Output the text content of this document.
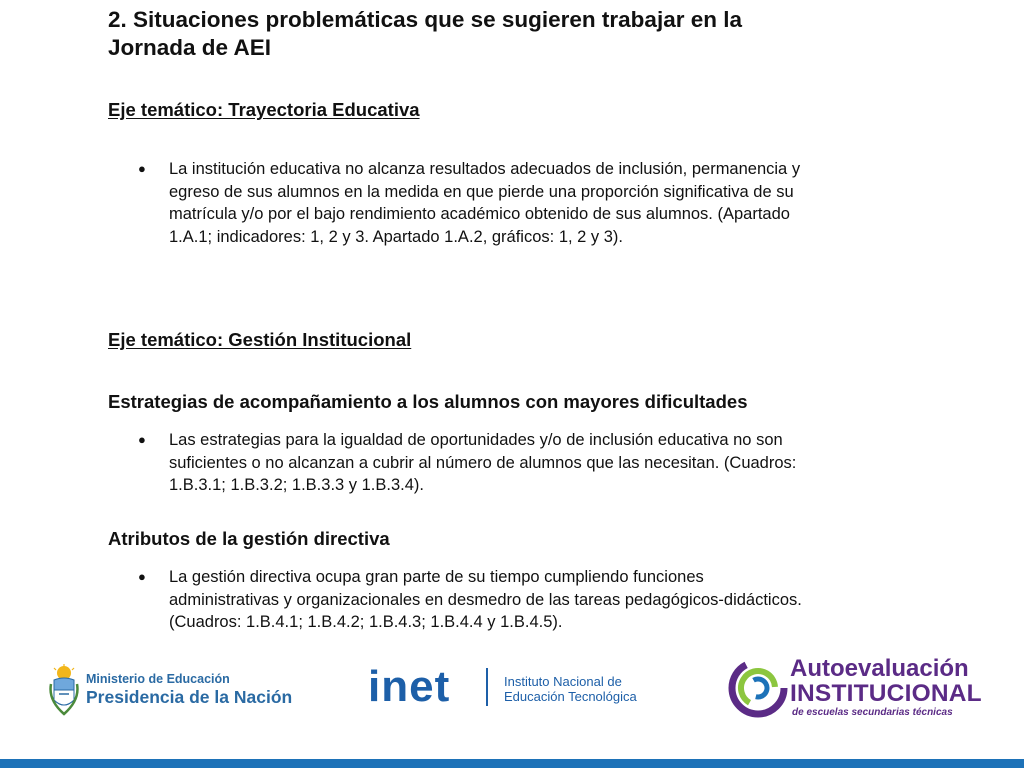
2. Situaciones problemáticas que se sugieren trabajar en la
Jornada de AEI

Eje temático: Trayectoria Educativa

●	La institución educativa no alcanza resultados adecuados de inclusión, permanencia y
egreso de sus alumnos en la medida en que pierde una proporción significativa de su
matrícula y/o por el bajo rendimiento académico obtenido de sus alumnos. (Apartado
1.A.1; indicadores: 1, 2 y 3. Apartado 1.A.2, gráficos: 1, 2 y 3).

Eje temático: Gestión Institucional

Estrategias de acompañamiento a los alumnos con mayores dificultades

●	Las estrategias para la igualdad de oportunidades y/o de inclusión educativa no son
suficientes o no alcanzan a cubrir al número de alumnos que las necesitan. (Cuadros:
1.B.3.1; 1.B.3.2; 1.B.3.3 y 1.B.3.4).

Atributos de la gestión directiva

●	La gestión directiva ocupa gran parte de su tiempo cumpliendo funciones
administrativas y organizacionales en desmedro de las tareas pedagógicos-didácticos.
(Cuadros: 1.B.4.1; 1.B.4.2; 1.B.4.3; 1.B.4.4 y 1.B.4.5).
Ministerio de Educación
Presidencia de la Nación inet	Instituto Nacional de
Educación Tecnológica
Autoevaluación
INSTITUCIONAL
de escuelas secundarias técnicas
